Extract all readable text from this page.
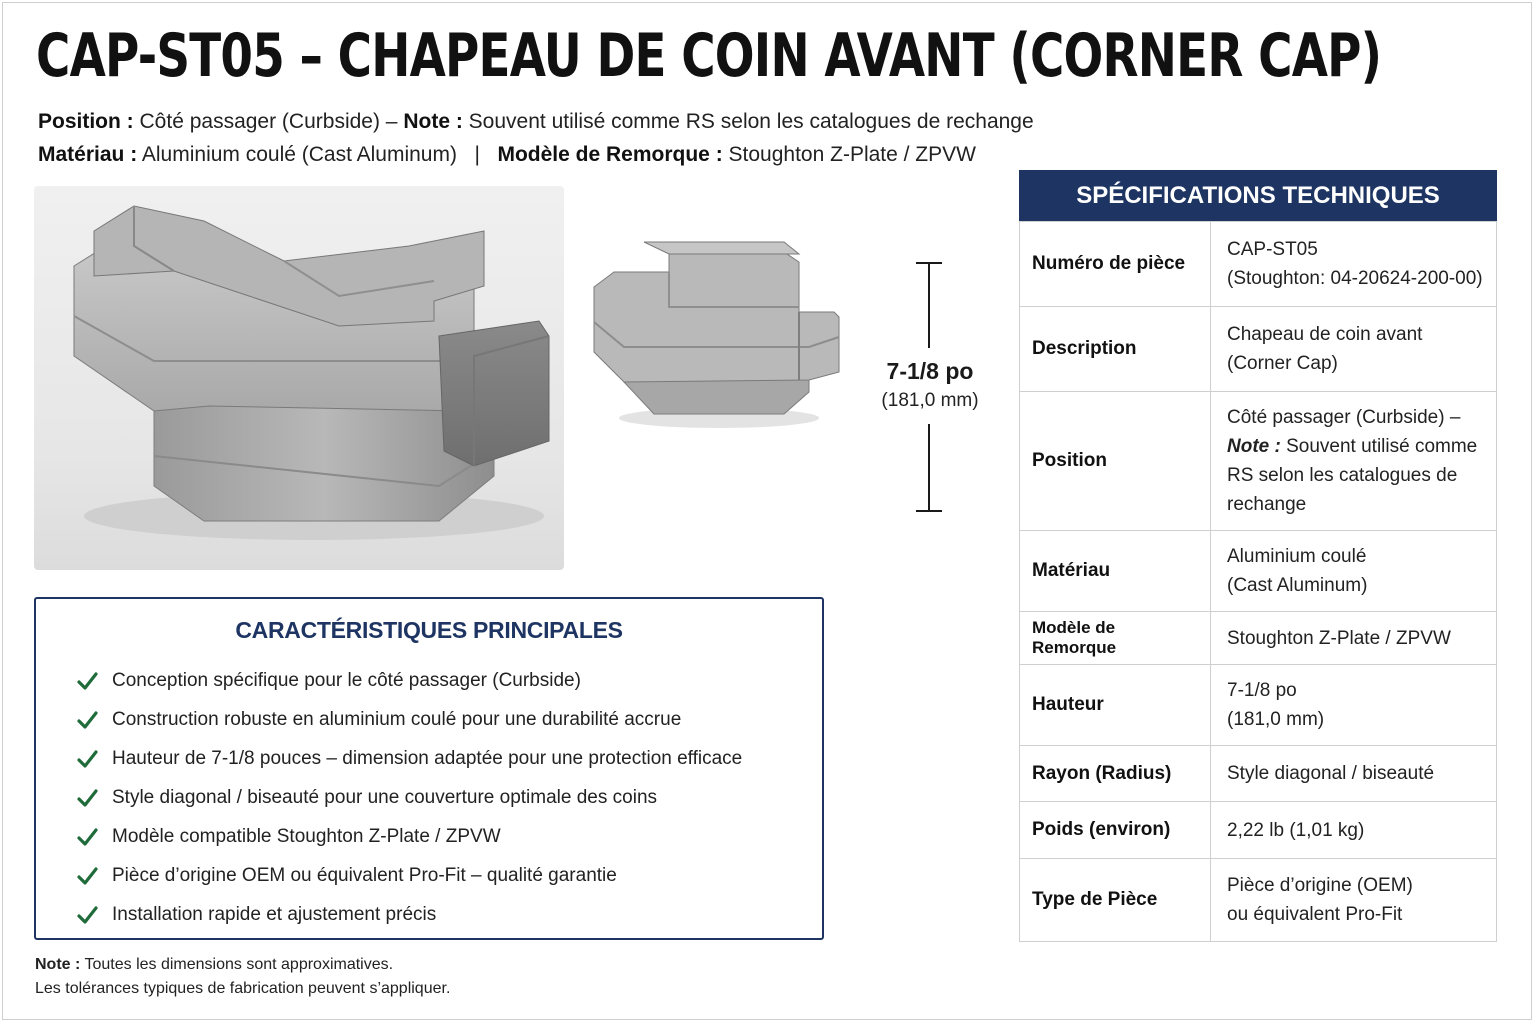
CAP-ST05 – CHAPEAU DE COIN AVANT (CORNER CAP)
Position : Côté passager (Curbside) – Note : Souvent utilisé comme RS selon les catalogues de rechange
Matériau : Aluminium coulé (Cast Aluminum) | Modèle de Remorque : Stoughton Z-Plate / ZPVW
7-1/8 po
(181,0 mm)
CARACTÉRISTIQUES PRINCIPALES
Conception spécifique pour le côté passager (Curbside)
Construction robuste en aluminium coulé pour une durabilité accrue
Hauteur de 7-1/8 pouces – dimension adaptée pour une protection efficace
Style diagonal / biseauté pour une couverture optimale des coins
Modèle compatible Stoughton Z-Plate / ZPVW
Pièce d’origine OEM ou équivalent Pro-Fit – qualité garantie
Installation rapide et ajustement précis
Note : Toutes les dimensions sont approximatives.
Les tolérances typiques de fabrication peuvent s’appliquer.
SPÉCIFICATIONS TECHNIQUES
Numéro de pièce	CAP-ST05
(Stoughton: 04-20624-200-00)
Description	Chapeau de coin avant
(Corner Cap)
Position	Côté passager (Curbside) –
Note : Souvent utilisé comme
RS selon les catalogues de
rechange
Matériau	Aluminium coulé
(Cast Aluminum)
Modèle de Remorque	Stoughton Z-Plate / ZPVW
Hauteur	7-1/8 po
(181,0 mm)
Rayon (Radius)	Style diagonal / biseauté
Poids (environ)	2,22 lb (1,01 kg)
Type de Pièce	Pièce d’origine (OEM)
ou équivalent Pro-Fit
